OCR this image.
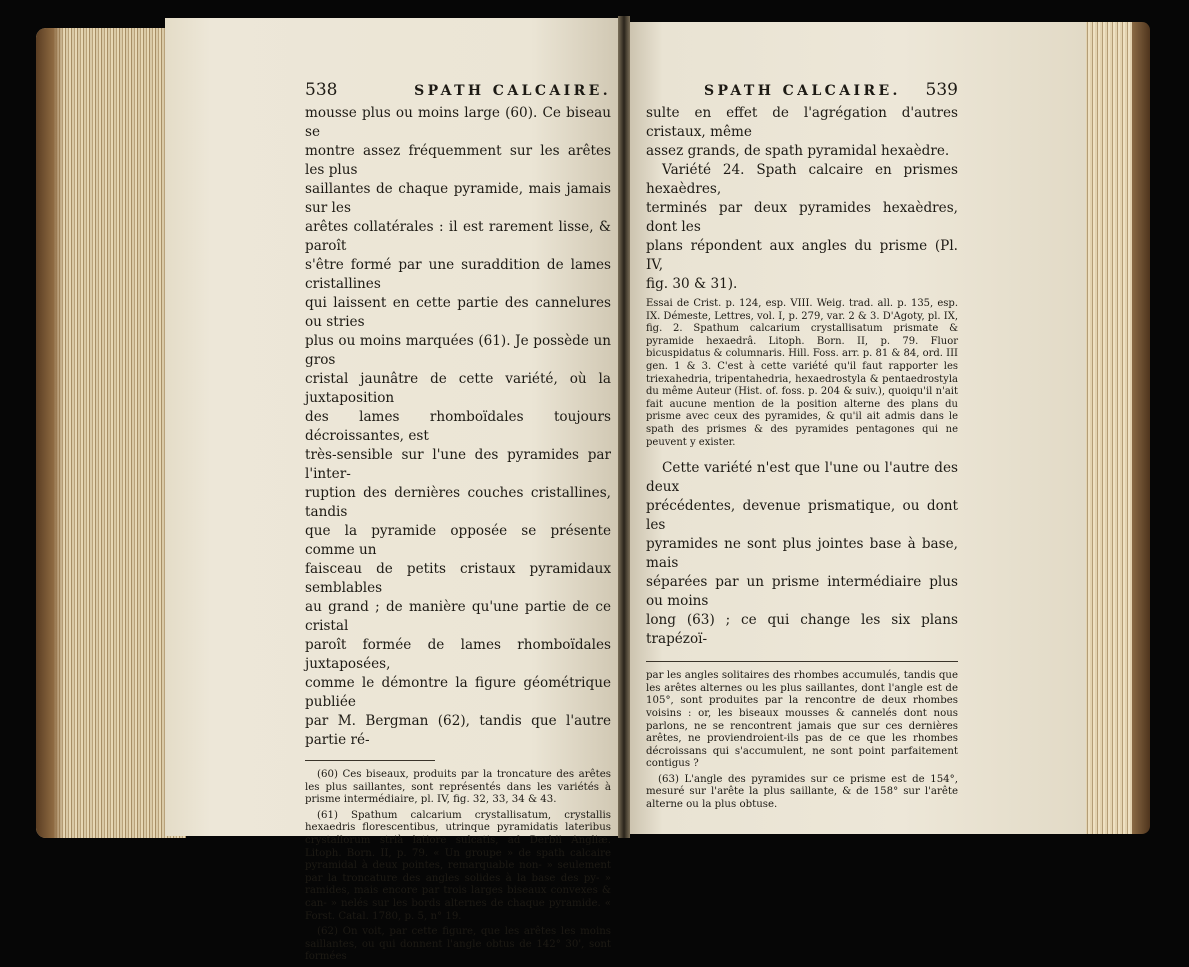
538	SPATH CALCAIRE.

mousse plus ou moins large (60). Ce biseau se

montre assez fréquemment sur les arêtes les plus

saillantes de chaque pyramide, mais jamais sur les

arêtes collatérales : il est rarement lisse, & paroît

s'être formé par une suraddition de lames cristallines

qui laissent en cette partie des cannelures ou stries

plus ou moins marquées (61). Je possède un gros

cristal jaunâtre de cette variété, où la juxtaposition

des lames rhomboïdales toujours décroissantes, est

très-sensible sur l'une des pyramides par l'inter-

ruption des dernières couches cristallines, tandis

que la pyramide opposée se présente comme un

faisceau de petits cristaux pyramidaux semblables

au grand ; de manière qu'une partie de ce cristal

paroît formée de lames rhomboïdales juxtaposées,

comme le démontre la figure géométrique publiée

par M. Bergman (62), tandis que l'autre partie ré-

(60) Ces biseaux, produits par la troncature des arêtes les plus saillantes, sont représentés dans les variétés à prisme intermédiaire, pl. IV, fig. 32, 33, 34 & 43.

(61) Spathum calcarium crystallisatum, crystallis hexaedris florescentibus, utrinque pyramidatis lateribus crystallorum strià latiore sulcatis, ad Derbii Angliæ. Litoph. Born. II, p. 79. « Un groupe » de spath calcaire pyramidal à deux pointes, remarquable non- » seulement par la troncature des angles solides à la base des py- » ramides, mais encore par trois larges biseaux convexes & can- » nelés sur les bords alternes de chaque pyramide. « Forst. Catal. 1780, p. 5, n° 19.

(62) On voit, par cette figure, que les arêtes les moins saillantes, ou qui donnent l'angle obtus de 142° 30', sont formées

SPATH CALCAIRE. 539

sulte en effet de l'agrégation d'autres cristaux, même

assez grands, de spath pyramidal hexaèdre.

Variété 24. Spath calcaire en prismes hexaèdres,

terminés par deux pyramides hexaèdres, dont les

plans répondent aux angles du prisme (Pl. IV,

fig. 30 & 31).

Essai de Crist. p. 124, esp. VIII. Weig. trad. all. p. 135, esp. IX. Démeste, Lettres, vol. I, p. 279, var. 2 & 3. D'Agoty, pl. IX, fig. 2. Spathum calcarium crystallisatum prismate & pyramide hexaedrâ. Litoph. Born. II, p. 79. Fluor bicuspidatus & columnaris. Hill. Foss. arr. p. 81 & 84, ord. III gen. 1 & 3. C'est à cette variété qu'il faut rapporter les triexahedria, tripentahedria, hexaedrostyla & pentaedrostyla du même Auteur (Hist. of. foss. p. 204 & suiv.), quoiqu'il n'ait fait aucune mention de la position alterne des plans du prisme avec ceux des pyramides, & qu'il ait admis dans le spath des prismes & des pyramides pentagones qui ne peuvent y exister.

Cette variété n'est que l'une ou l'autre des deux

précédentes, devenue prismatique, ou dont les

pyramides ne sont plus jointes base à base, mais

séparées par un prisme intermédiaire plus ou moins

long (63) ; ce qui change les six plans trapézoï-

par les angles solitaires des rhombes accumulés, tandis que les arêtes alternes ou les plus saillantes, dont l'angle est de 105°, sont produites par la rencontre de deux rhombes voisins : or, les biseaux mousses & cannelés dont nous parlons, ne se rencontrent jamais que sur ces dernières arêtes, ne proviendroient-ils pas de ce que les rhombes décroissans qui s'accumulent, ne sont point parfaitement contigus ?

(63) L'angle des pyramides sur ce prisme est de 154°, mesuré sur l'arête la plus saillante, & de 158° sur l'arête alterne ou la plus obtuse.
